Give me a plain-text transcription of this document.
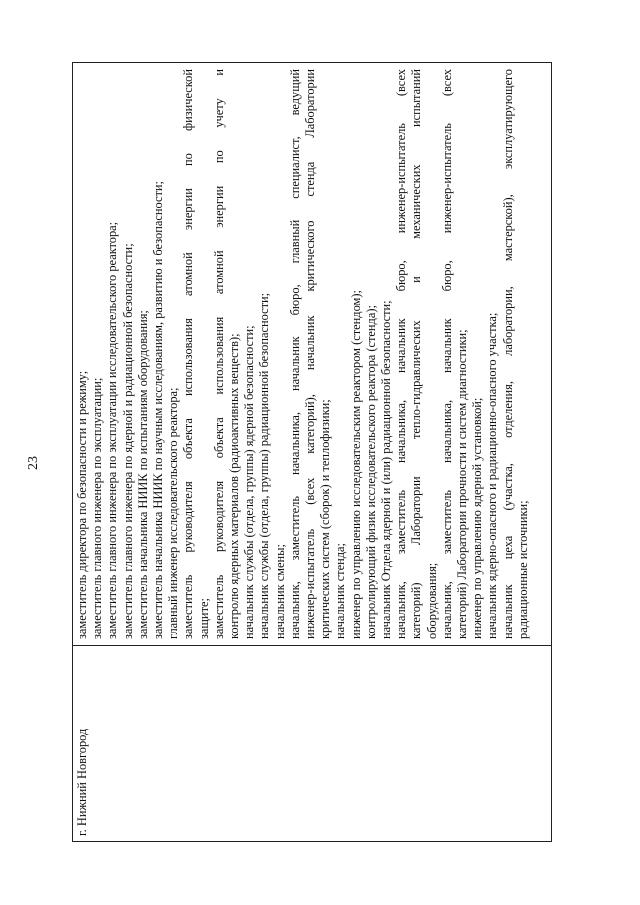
23
г. Нижний Новгород
заместитель директора по безопасности и режиму; заместитель главного инженера по эксплуатации; заместитель главного инженера по эксплуатации исследовательского реактора; заместитель главного инженера по ядерной и радиационной безопасности; заместитель начальника НИИК по испытаниям оборудования; заместитель начальника НИИК по научным исследованиям, развитию и безопасности; главный инженер исследовательского реактора; заместитель руководителя объекта использования атомной энергии по физической защите; заместитель руководителя объекта использования атомной энергии по учету и контролю ядерных материалов (радиоактивных веществ); начальник службы (отдела, группы) ядерной безопасности; начальник службы (отдела, группы) радиационной безопасности; начальник смены; начальник, заместитель начальника, начальник бюро, главный специалист, ведущий инженер-испытатель (всех категорий), начальник критического стенда Лаборатории критических систем (сборок) и теплофизики; начальник стенда; инженер по управлению исследовательским реактором (стендом); контролирующий физик исследовательского реактора (стенда); начальник Отдела ядерной и (или) радиационной безопасности; начальник, заместитель начальника, начальник бюро, инженер-испытатель (всех категорий) Лаборатории тепло-гидравлических и механических испытаний оборудования; начальник, заместитель начальника, начальник бюро, инженер-испытатель (всех категорий) Лаборатории прочности и систем диагностики; инженер по управлению ядерной установкой; начальник ядерно-опасного и радиационно-опасного участка; начальник цеха (участка, отделения, лаборатории, мастерской), эксплуатирующего радиационные источники;
